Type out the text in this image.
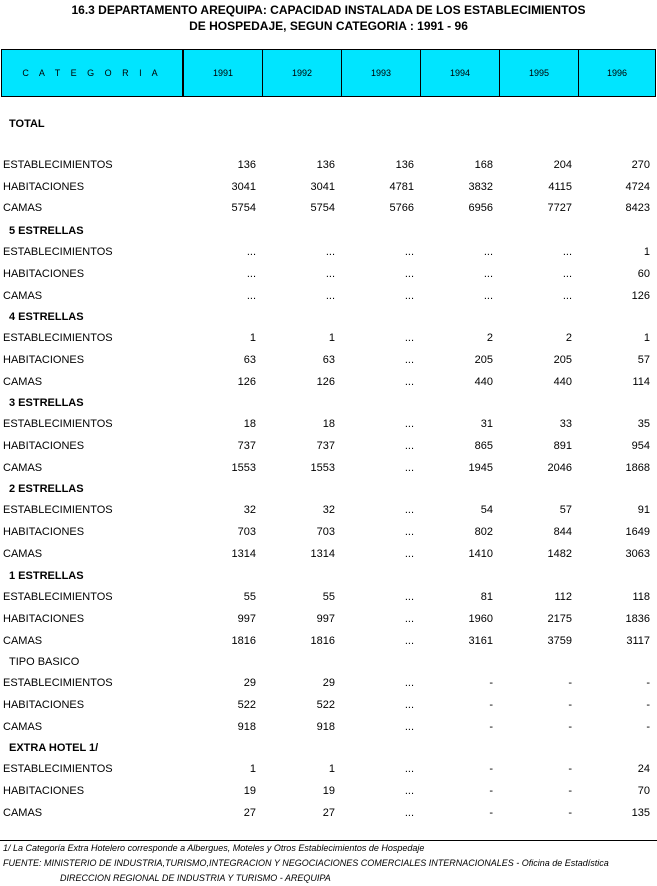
16.3 DEPARTAMENTO AREQUIPA: CAPACIDAD INSTALADA DE LOS ESTABLECIMIENTOS
DE HOSPEDAJE, SEGUN CATEGORIA : 1991 - 96
C A T E G O R I A	1991	1992	1993	1994	1995	1996
TOTAL
ESTABLECIMIENTOS	136	136	136	168	204	270
HABITACIONES	3041	3041	4781	3832	4115	4724
CAMAS	5754	5754	5766	6956	7727	8423
5 ESTRELLAS
ESTABLECIMIENTOS	...	...	...	...	...	1
HABITACIONES	...	...	...	...	...	60
CAMAS	...	...	...	...	...	126
4 ESTRELLAS
ESTABLECIMIENTOS	1	1	...	2	2	1
HABITACIONES	63	63	...	205	205	57
CAMAS	126	126	...	440	440	114
3 ESTRELLAS
ESTABLECIMIENTOS	18	18	...	31	33	35
HABITACIONES	737	737	...	865	891	954
CAMAS	1553	1553	...	1945	2046	1868
2 ESTRELLAS
ESTABLECIMIENTOS	32	32	...	54	57	91
HABITACIONES	703	703	...	802	844	1649
CAMAS	1314	1314	...	1410	1482	3063
1 ESTRELLAS
ESTABLECIMIENTOS	55	55	...	81	112	118
HABITACIONES	997	997	...	1960	2175	1836
CAMAS	1816	1816	...	3161	3759	3117
TIPO BASICO
ESTABLECIMIENTOS	29	29	...	-	-	-
HABITACIONES	522	522	...	-	-	-
CAMAS	918	918	...	-	-	-
EXTRA HOTEL 1/
ESTABLECIMIENTOS	1	1	...	-	-	24
HABITACIONES	19	19	...	-	-	70
CAMAS	27	27	...	-	-	135
1/ La Categoría Extra Hotelero corresponde a Albergues, Moteles y Otros Establecimientos de Hospedaje
FUENTE: MINISTERIO DE INDUSTRIA,TURISMO,INTEGRACION Y NEGOCIACIONES COMERCIALES INTERNACIONALES - Oficina de Estadística
DIRECCION REGIONAL DE INDUSTRIA Y TURISMO - AREQUIPA
